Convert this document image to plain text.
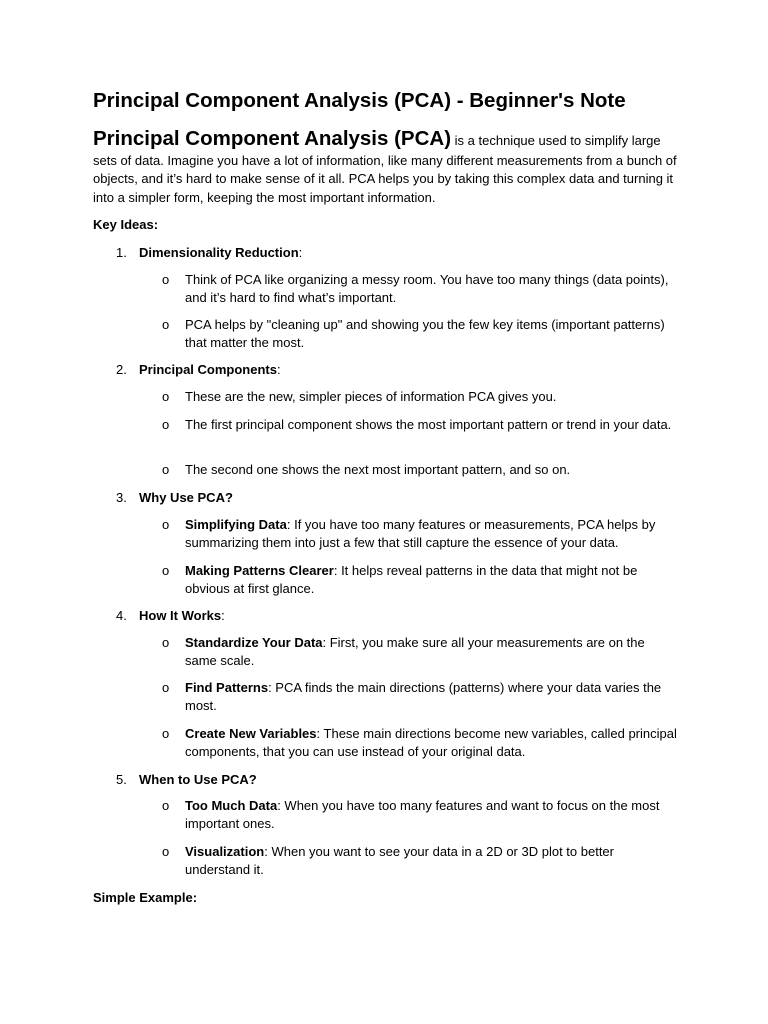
Principal Component Analysis (PCA) - Beginner's Note
Principal Component Analysis (PCA) is a technique used to simplify large sets of data. Imagine you have a lot of information, like many different measurements from a bunch of objects, and it’s hard to make sense of it all. PCA helps you by taking this complex data and turning it into a simpler form, keeping the most important information.
Key Ideas:
1. Dimensionality Reduction:
o Think of PCA like organizing a messy room. You have too many things (data points), and it’s hard to find what’s important.
o PCA helps by "cleaning up" and showing you the few key items (important patterns) that matter the most.
2. Principal Components:
o These are the new, simpler pieces of information PCA gives you.
o The first principal component shows the most important pattern or trend in your data.
o The second one shows the next most important pattern, and so on.
3. Why Use PCA?
o Simplifying Data: If you have too many features or measurements, PCA helps by summarizing them into just a few that still capture the essence of your data.
o Making Patterns Clearer: It helps reveal patterns in the data that might not be obvious at first glance.
4. How It Works:
o Standardize Your Data: First, you make sure all your measurements are on the same scale.
o Find Patterns: PCA finds the main directions (patterns) where your data varies the most.
o Create New Variables: These main directions become new variables, called principal components, that you can use instead of your original data.
5. When to Use PCA?
o Too Much Data: When you have too many features and want to focus on the most important ones.
o Visualization: When you want to see your data in a 2D or 3D plot to better understand it.
Simple Example:
